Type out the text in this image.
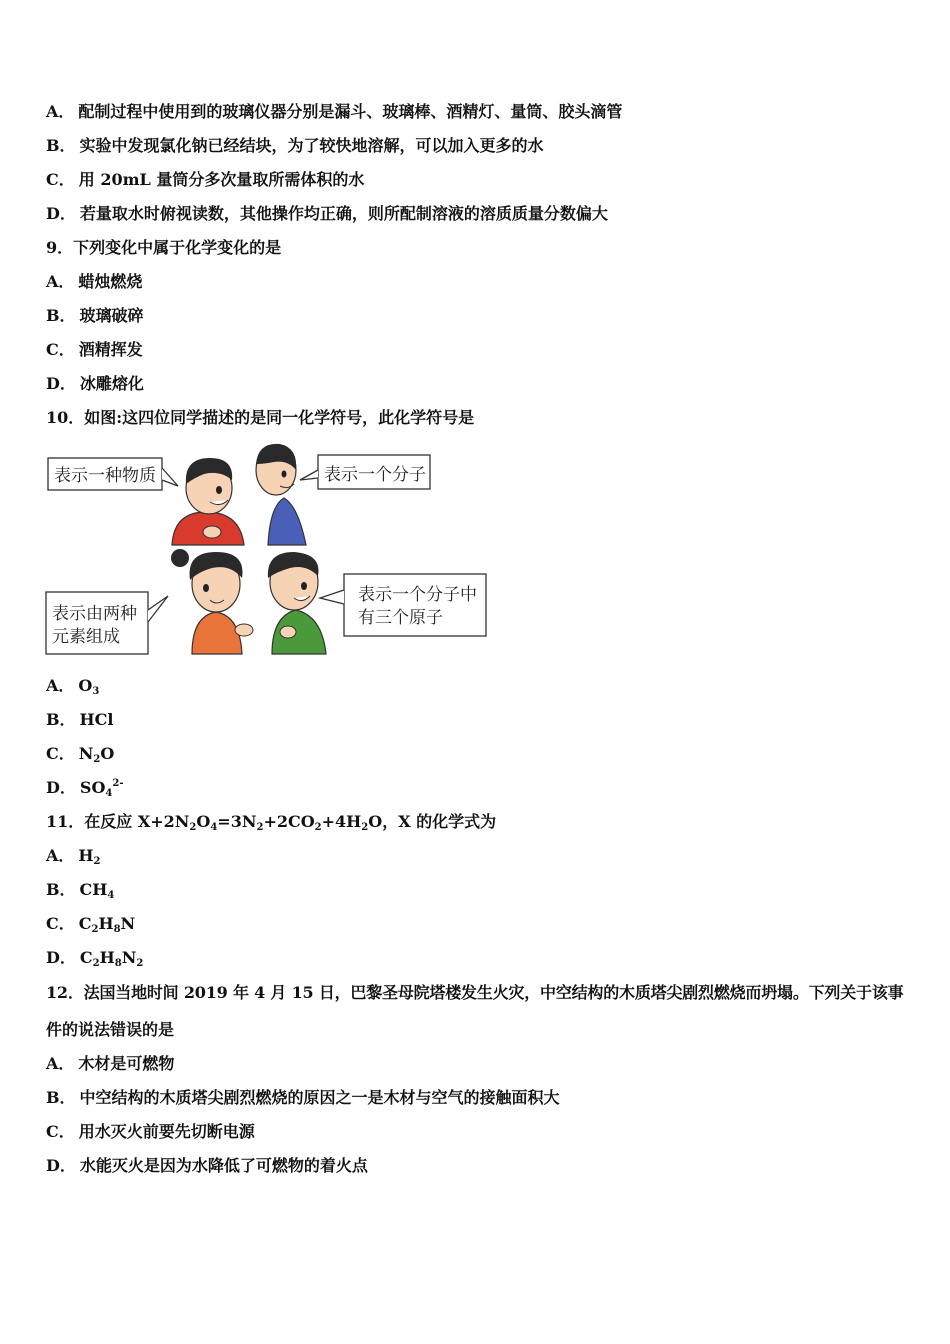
A． 配制过程中使用到的玻璃仪器分别是漏斗、玻璃棒、酒精灯、量筒、胶头滴管
B． 实验中发现氯化钠已经结块，为了较快地溶解，可以加入更多的水
C． 用 20mL 量筒分多次量取所需体积的水
D． 若量取水时俯视读数，其他操作均正确，则所配制溶液的溶质质量分数偏大
9．下列变化中属于化学变化的是
A． 蜡烛燃烧
B． 玻璃破碎
C． 酒精挥发
D． 冰雕熔化
10．如图:这四位同学描述的是同一化学符号，此化学符号是
表示一种物质	表示一个分子
表示由两种
元素组成
表示一个分子中
有三个原子
A． $O_3$
B． HCl
C． $N_2O$
D． $SO_4^{2-}$
11．在反应 $X+2N_2O_4=3N_2+2CO_2+4H_2O$，X 的化学式为
A． $H_2$
B． $CH_4$
C． $C_2H_8N$
D． $C_2H_8N_2$
12．法国当地时间 2019 年 4 月 15 日，巴黎圣母院塔楼发生火灾，中空结构的木质塔尖剧烈燃烧而坍塌。下列关于该事
件的说法错误的是
A． 木材是可燃物
B． 中空结构的木质塔尖剧烈燃烧的原因之一是木材与空气的接触面积大
C． 用水灭火前要先切断电源
D． 水能灭火是因为水降低了可燃物的着火点
